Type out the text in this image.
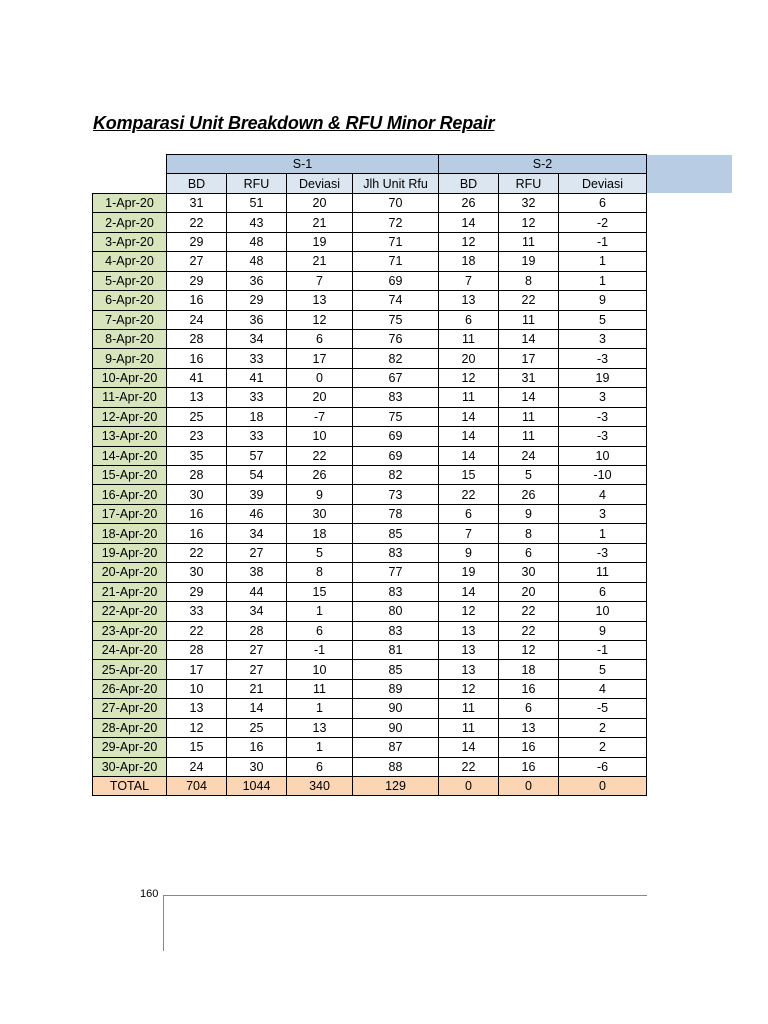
Komparasi Unit Breakdown & RFU Minor Repair
	S-1				S-2		
	BD	RFU	Deviasi	Jlh Unit Rfu	BD	RFU	Deviasi
1-Apr-20	31	51	20	70	26	32	6
2-Apr-20	22	43	21	72	14	12	-2
3-Apr-20	29	48	19	71	12	11	-1
4-Apr-20	27	48	21	71	18	19	1
5-Apr-20	29	36	7	69	7	8	1
6-Apr-20	16	29	13	74	13	22	9
7-Apr-20	24	36	12	75	6	11	5
8-Apr-20	28	34	6	76	11	14	3
9-Apr-20	16	33	17	82	20	17	-3
10-Apr-20	41	41	0	67	12	31	19
11-Apr-20	13	33	20	83	11	14	3
12-Apr-20	25	18	-7	75	14	11	-3
13-Apr-20	23	33	10	69	14	11	-3
14-Apr-20	35	57	22	69	14	24	10
15-Apr-20	28	54	26	82	15	5	-10
16-Apr-20	30	39	9	73	22	26	4
17-Apr-20	16	46	30	78	6	9	3
18-Apr-20	16	34	18	85	7	8	1
19-Apr-20	22	27	5	83	9	6	-3
20-Apr-20	30	38	8	77	19	30	11
21-Apr-20	29	44	15	83	14	20	6
22-Apr-20	33	34	1	80	12	22	10
23-Apr-20	22	28	6	83	13	22	9
24-Apr-20	28	27	-1	81	13	12	-1
25-Apr-20	17	27	10	85	13	18	5
26-Apr-20	10	21	11	89	12	16	4
27-Apr-20	13	14	1	90	11	6	-5
28-Apr-20	12	25	13	90	11	13	2
29-Apr-20	15	16	1	87	14	16	2
30-Apr-20	24	30	6	88	22	16	-6
TOTAL	704	1044	340	129	0	0	0
160
